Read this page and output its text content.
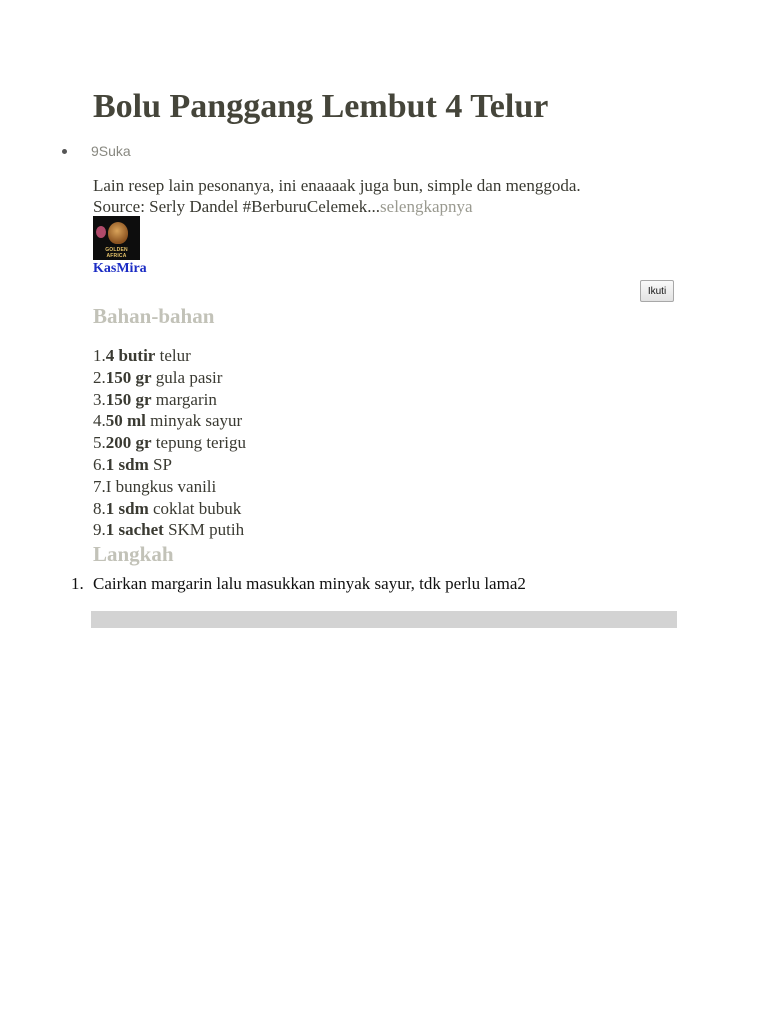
Bolu Panggang Lembut 4 Telur
9Suka
Lain resep lain pesonanya, ini enaaaak juga bun, simple dan menggoda.
Source: Serly Dandel #BerburuCelemek...selengkapnya
GOLDEN AFRICA
KasMira
Ikuti
Bahan-bahan
1.4 butir telur
2.150 gr gula pasir
3.150 gr margarin
4.50 ml minyak sayur
5.200 gr tepung terigu
6.1 sdm SP
7.I bungkus vanili
8.1 sdm coklat bubuk
9.1 sachet SKM putih
Langkah
1. Cairkan margarin lalu masukkan minyak sayur, tdk perlu lama2
